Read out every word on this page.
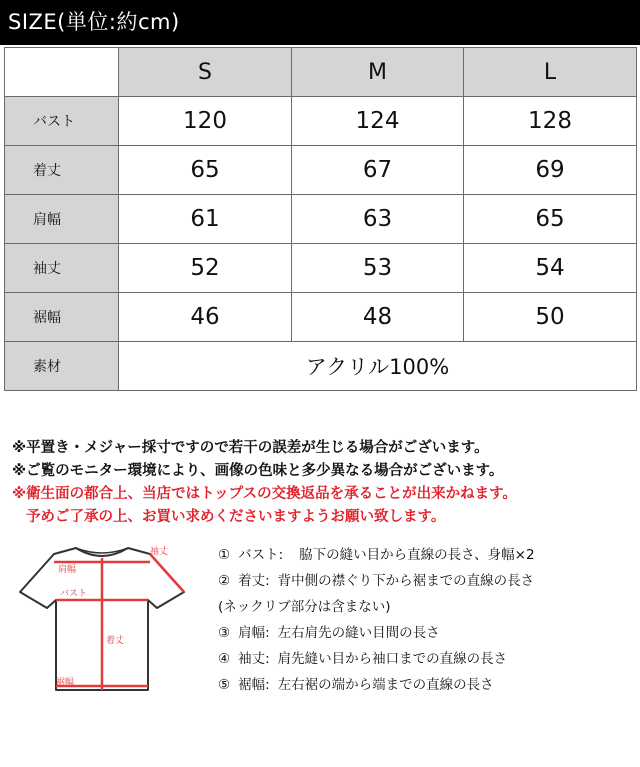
SIZE(単位:約cm)
	S	M	L
バスト	120	124	128
着丈	65	67	69
肩幅	61	63	65
袖丈	52	53	54
裾幅	46	48	50
素材	アクリル100%		
※平置き・メジャー採寸ですので若干の誤差が生じる場合がございます。
※ご覧のモニター環境により、画像の色味と多少異なる場合がございます。
※衛生面の都合上、当店ではトップスの交換返品を承ることが出来かねます。
予めご了承の上、お買い求めくださいますようお願い致します。
袖丈
肩幅
バスト
着丈
裾幅
① バスト: 脇下の縫い目から直線の長さ、身幅×2
② 着丈: 背中側の襟ぐり下から裾までの直線の長さ
(ネックリブ部分は含まない)
③ 肩幅: 左右肩先の縫い目間の長さ
④ 袖丈: 肩先縫い目から袖口までの直線の長さ
⑤ 裾幅: 左右裾の端から端までの直線の長さ
